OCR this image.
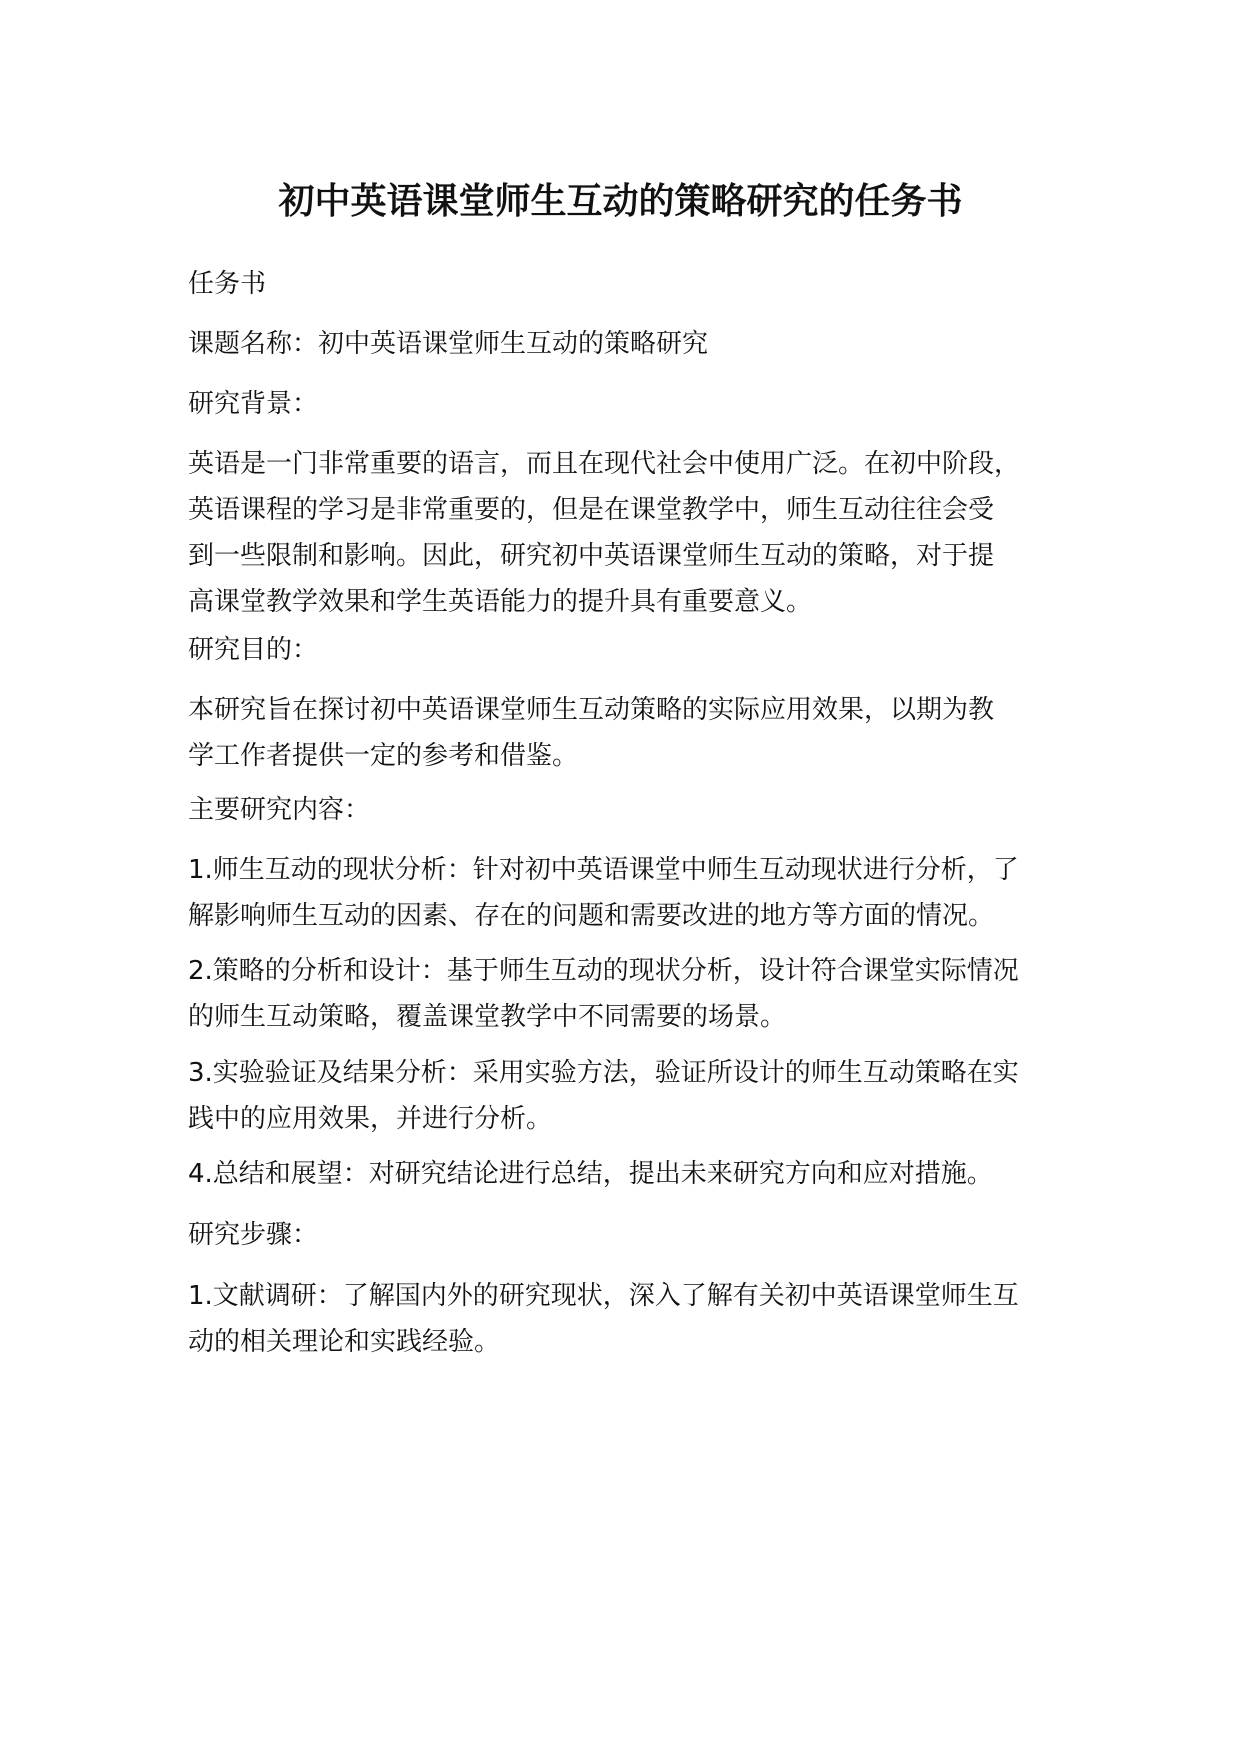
初中英语课堂师生互动的策略研究的任务书
任务书
课题名称：初中英语课堂师生互动的策略研究
研究背景：
英语是一门非常重要的语言，而且在现代社会中使用广泛。在初中阶段，
英语课程的学习是非常重要的，但是在课堂教学中，师生互动往往会受
到一些限制和影响。因此，研究初中英语课堂师生互动的策略，对于提
高课堂教学效果和学生英语能力的提升具有重要意义。
研究目的：
本研究旨在探讨初中英语课堂师生互动策略的实际应用效果，以期为教
学工作者提供一定的参考和借鉴。
主要研究内容：
1.师生互动的现状分析：针对初中英语课堂中师生互动现状进行分析，了
解影响师生互动的因素、存在的问题和需要改进的地方等方面的情况。
2.策略的分析和设计：基于师生互动的现状分析，设计符合课堂实际情况
的师生互动策略，覆盖课堂教学中不同需要的场景。
3.实验验证及结果分析：采用实验方法，验证所设计的师生互动策略在实
践中的应用效果，并进行分析。
4.总结和展望：对研究结论进行总结，提出未来研究方向和应对措施。
研究步骤：
1.文献调研：了解国内外的研究现状，深入了解有关初中英语课堂师生互
动的相关理论和实践经验。
